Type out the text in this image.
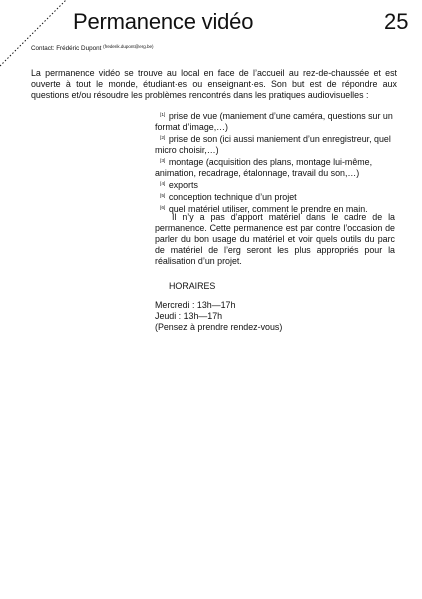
Permanence vidéo	25
Contact: Frédéric Dupont $^{(frederik.dupont@erg.be)}$
La permanence vidéo se trouve au local en face de l’accueil au rez-de-chaussée et est ouverte à tout le monde, étudiant·es ou enseignant·es. Son but est de répondre aux questions et/ou résoudre les problèmes rencontrés dans les pratiques audiovisuelles :
[1] prise de vue (maniement d’une caméra, questions sur un format d’image,…)
[2] prise de son (ici aussi maniement d’un enregistreur, quel micro choisir,…)
[3] montage (acquisition des plans, montage lui-même, animation, recadrage, étalonnage, travail du son,…)
[4] exports
[5] conception technique d’un projet
[6] quel matériel utiliser, comment le prendre en main.
Il n’y a pas d’apport matériel dans le cadre de la permanence. Cette permanence est par contre l’occasion de parler du bon usage du matériel et voir quels outils du parc de matériel de l’erg seront les plus appropriés pour la réalisation d’un projet.
HORAIRES
Mercredi : 13h—17h
Jeudi : 13h—17h
(Pensez à prendre rendez-vous)
